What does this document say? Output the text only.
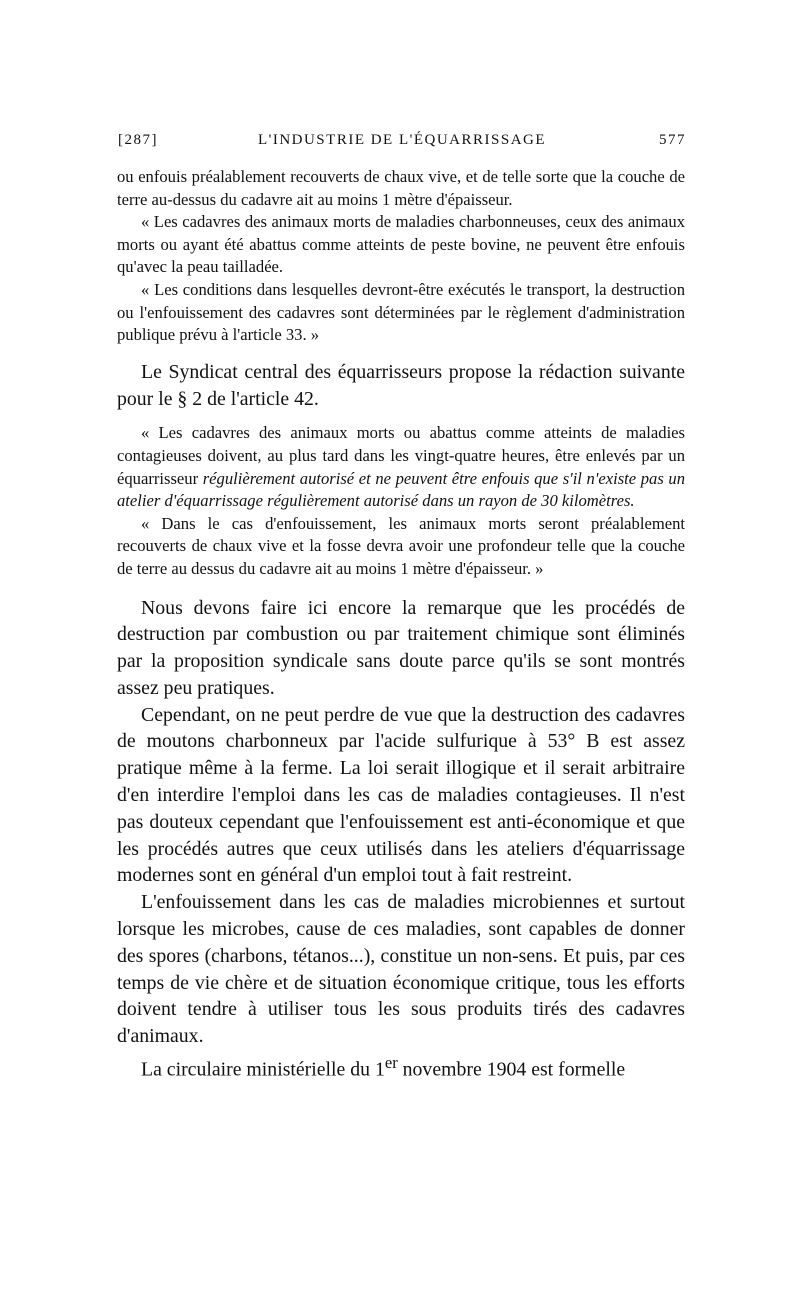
[287]	L'INDUSTRIE DE L'ÉQUARRISSAGE	577

ou enfouis préalablement recouverts de chaux vive, et de telle sorte que la couche de terre au-dessus du cadavre ait au moins 1 mètre d'épaisseur.

« Les cadavres des animaux morts de maladies charbonneuses, ceux des animaux morts ou ayant été abattus comme atteints de peste bovine, ne peuvent être enfouis qu'avec la peau tailladée.

« Les conditions dans lesquelles devront-être exécutés le transport, la destruction ou l'enfouissement des cadavres sont déterminées par le règlement d'administration publique prévu à l'article 33. »

Le Syndicat central des équarrisseurs propose la rédaction suivante pour le § 2 de l'article 42.

« Les cadavres des animaux morts ou abattus comme atteints de maladies contagieuses doivent, au plus tard dans les vingt-quatre heures, être enlevés par un équarrisseur régulièrement autorisé et ne peuvent être enfouis que s'il n'existe pas un atelier d'équarrissage régulièrement autorisé dans un rayon de 30 kilomètres.

« Dans le cas d'enfouissement, les animaux morts seront préalablement recouverts de chaux vive et la fosse devra avoir une profondeur telle que la couche de terre au dessus du cadavre ait au moins 1 mètre d'épaisseur. »

Nous devons faire ici encore la remarque que les procédés de destruction par combustion ou par traitement chimique sont éliminés par la proposition syndicale sans doute parce qu'ils se sont montrés assez peu pratiques.

Cependant, on ne peut perdre de vue que la destruction des cadavres de moutons charbonneux par l'acide sulfurique à 53° B est assez pratique même à la ferme. La loi serait illogique et il serait arbitraire d'en interdire l'emploi dans les cas de maladies contagieuses. Il n'est pas douteux cependant que l'enfouissement est anti-économique et que les procédés autres que ceux utilisés dans les ateliers d'équarrissage modernes sont en général d'un emploi tout à fait restreint.

L'enfouissement dans les cas de maladies microbiennes et surtout lorsque les microbes, cause de ces maladies, sont capables de donner des spores (charbons, tétanos...), constitue un non-sens. Et puis, par ces temps de vie chère et de situation économique critique, tous les efforts doivent tendre à utiliser tous les sous produits tirés des cadavres d'animaux.

La circulaire ministérielle du 1er novembre 1904 est formelle
